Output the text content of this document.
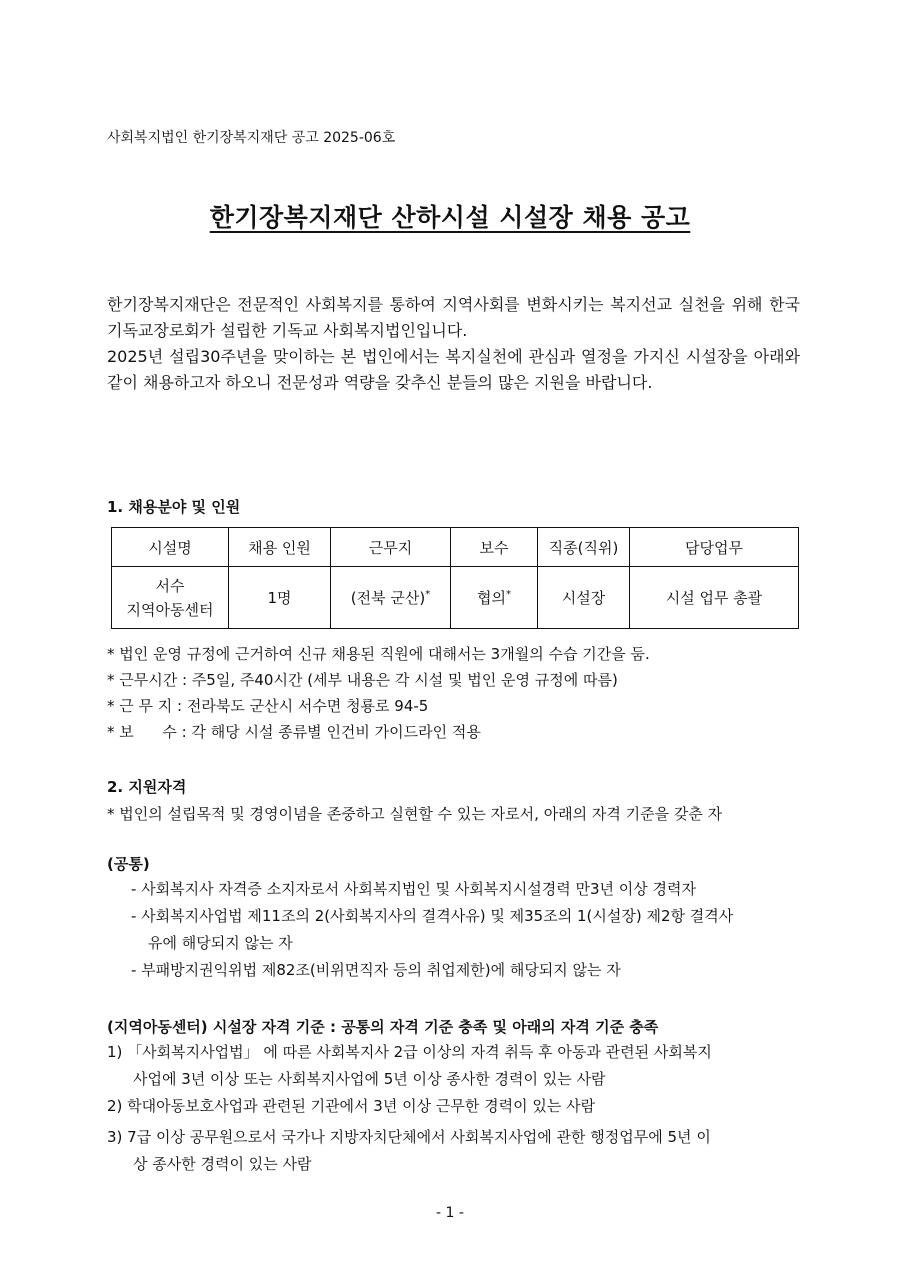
사회복지법인 한기장복지재단 공고 2025-06호
한기장복지재단 산하시설 시설장 채용 공고

한기장복지재단은 전문적인 사회복지를 통하여 지역사회를 변화시키는 복지선교 실천을 위해 한국기독교장로회가 설립한 기독교 사회복지법인입니다.

2025년 설립30주년을 맞이하는 본 법인에서는 복지실천에 관심과 열정을 가지신 시설장을 아래와 같이 채용하고자 하오니 전문성과 역량을 갖추신 분들의 많은 지원을 바랍니다.

1. 채용분야 및 인원
시설명	채용 인원	근무지	보수	직종(직위)	담당업무
서수
지역아동센터	1명	(전북 군산)*	협의*	시설장	시설 업무 총괄
* 법인 운영 규정에 근거하여 신규 채용된 직원에 대해서는 3개월의 수습 기간을 둠.
* 근무시간 : 주5일, 주40시간 (세부 내용은 각 시설 및 법인 운영 규정에 따름)
* 근 무 지 : 전라북도 군산시 서수면 청룡로 94-5
* 보      수 : 각 해당 시설 종류별 인건비 가이드라인 적용
2. 지원자격
* 법인의 설립목적 및 경영이념을 존중하고 실현할 수 있는 자로서, 아래의 자격 기준을 갖춘 자
(공통)
- 사회복지사 자격증 소지자로서 사회복지법인 및 사회복지시설경력 만3년 이상 경력자
- 사회복지사업법 제11조의 2(사회복지사의 결격사유) 및 제35조의 1(시설장) 제2항 결격사
유에 해당되지 않는 자
- 부패방지권익위법 제82조(비위면직자 등의 취업제한)에 해당되지 않는 자
(지역아동센터) 시설장 자격 기준 : 공통의 자격 기준 충족 및 아래의 자격 기준 충족
1) 「사회복지사업법」 에 따른 사회복지사 2급 이상의 자격 취득 후 아동과 관련된 사회복지
사업에 3년 이상 또는 사회복지사업에 5년 이상 종사한 경력이 있는 사람
2) 학대아동보호사업과 관련된 기관에서 3년 이상 근무한 경력이 있는 사람
3) 7급 이상 공무원으로서 국가나 지방자치단체에서 사회복지사업에 관한 행정업무에 5년 이
상 종사한 경력이 있는 사람
- 1 -
